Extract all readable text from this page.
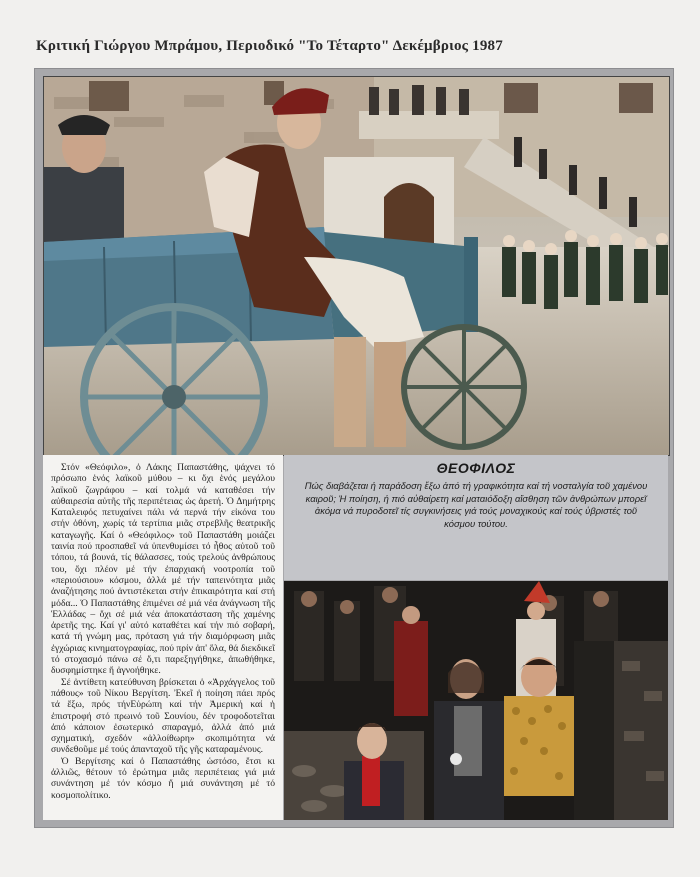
Κριτική Γιώργου Μπράμου, Περιοδικό "Το Τέταρτο" Δεκέμβριος 1987

Στόν «Θεόφιλο», ὁ Λάκης Παπαστάθης, ψάχνει τό πρόσωπο ἑνός λαϊκοῦ μύθου – κι ὄχι ἑνός μεγάλου λαϊκοῦ ζωγράφου – καί τολμά νά καταθέσει τήν αὐθαιρεσία αὐτῆς τῆς περιπέτειας ὡς ἀρετή. Ὁ Δημήτρης Καταλειφός πετυχαίνει πάλι νά περνά τήν εἰκόνα του στήν ὀθόνη, χωρίς τά τερτίπια μιᾶς στρεβλῆς θεατρικῆς καταγωγῆς. Καί ὁ «Θεόφιλος» τοῦ Παπαστάθη μοιάζει ταινία πού προσπαθεῖ νά ὑπενθυμίσει τό ἦθος αὐτοῦ τοῦ τόπου, τά βουνά, τίς θάλασσες, τούς τρελούς ἀνθρώπους του, ὄχι πλέον μέ τήν ἐπαρχιακή νοοτροπία τοῦ «περιούσιου» κόσμου, ἀλλά μέ τήν ταπεινότητα μιᾶς ἀναζήτησης πού ἀντιστέκεται στήν ἐπικαιρότητα καί στή μόδα... Ὁ Παπαστάθης ἐπιμένει σέ μιά νέα ἀνάγνωση τῆς Ἑλλάδας – ὄχι σέ μιά νέα ἀποκατάσταση τῆς χαμένης ἀρετῆς της. Καί γι' αὐτό καταθέτει καί τήν πιό σοβαρή, κατά τή γνώμη μας, πρόταση γιά τήν διαμόρφωση μιᾶς ἐγχώριας κινηματογραφίας, πού πρίν ἀπ' ὅλα, θά διεκδικεῖ τό στοχασμό πάνω σέ ὅ,τι παρεξηγήθηκε, ἀπωθήθηκε, δυσφημίστηκε ἤ ἀγνοήθηκε.

Σέ ἀντίθετη κατεύθυνση βρίσκεται ὁ «Ἀρχάγγελος τοῦ πάθους» τοῦ Νίκου Βεργίτση. Ἐκεῖ ἡ ποίηση πάει πρός τά ἔξω, πρός τήνΕὐρώπη καί τήν Ἀμερική καί ἡ ἐπιστροφή στό πρωινό τοῦ Σουνίου, δέν τροφοδοτεῖται ἀπό κάποιον ἐσωτερικό σπαραγμό, ἀλλά ἀπό μιά σχηματική, σχεδόν «ἀλλοίθωρη» σκοπιμότητα νά συνδεθοῦμε μέ τούς ἀπανταχοῦ τῆς γῆς καταραμένους.

Ὁ Βεργίτσης καί ὁ Παπαστάθης ὡστόσο, ἔτσι κι ἀλλιῶς, θέτουν τό ἐρώτημα μιᾶς περιπέτειας γιά μιά συνάντηση μέ τόν κόσμο ἤ μιά συνάντηση μέ τό κοσμοπολίτικο.

ΘΕΟΦΙΛΟΣ
Πώς διαβάζεται ἡ παράδοση ἔξω ἀπό τή γραφικότητα καί τή νοσταλγία τοῦ χαμένου καιροῦ; Ἡ ποίηση, ἡ πιό αὐθαίρετη καί ματαιόδοξη αἴσθηση τῶν ἀνθρώπων μπορεῖ ἀκόμα νά πυροδοτεῖ τίς συγκινήσεις γιά τούς μοναχικούς καί τούς ὑβριστές τοῦ κόσμου τούτου.
